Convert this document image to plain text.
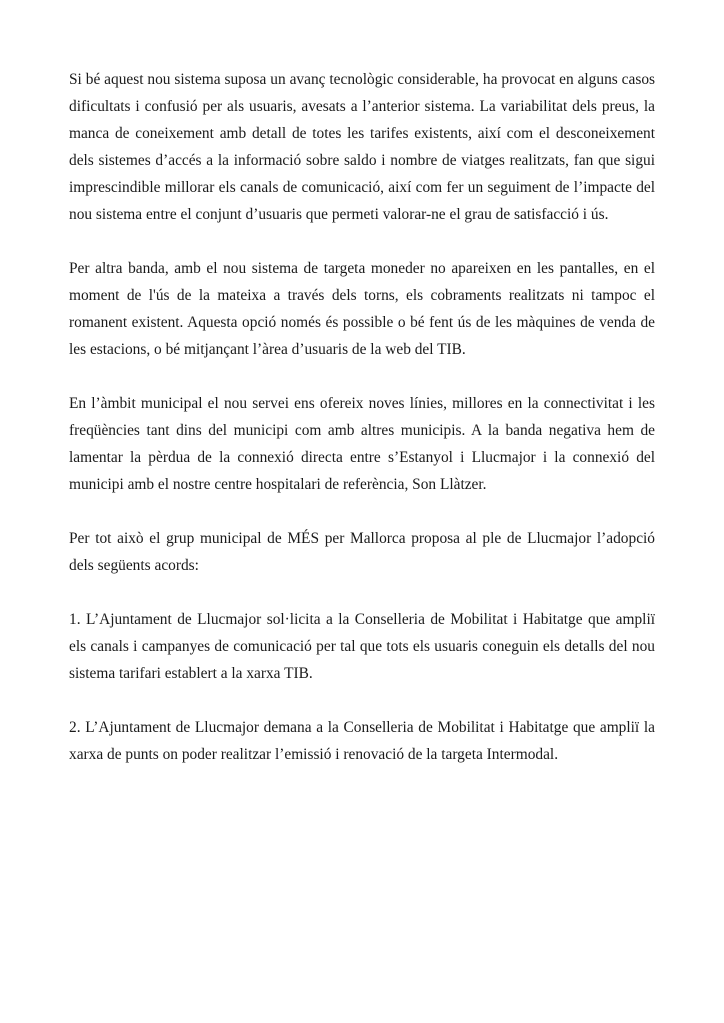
Si bé aquest nou sistema suposa un avanç tecnològic considerable, ha provocat en alguns casos dificultats i confusió per als usuaris, avesats a l’anterior sistema. La variabilitat dels preus, la manca de coneixement amb detall de totes les tarifes existents, així com el desconeixement dels sistemes d’accés a la informació sobre saldo i nombre de viatges realitzats, fan que sigui imprescindible millorar els canals de comunicació, així com fer un seguiment de l’impacte del nou sistema entre el conjunt d’usuaris que permeti valorar-ne el grau de satisfacció i ús.

Per altra banda, amb el nou sistema de targeta moneder no apareixen en les pantalles, en el moment de l'ús de la mateixa a través dels torns, els cobraments realitzats ni tampoc el romanent existent. Aquesta opció només és possible o bé fent ús de les màquines de venda de les estacions, o bé mitjançant l’àrea d’usuaris de la web del TIB.

En l’àmbit municipal el nou servei ens ofereix noves línies, millores en la connectivitat i les freqüències tant dins del municipi com amb altres municipis. A la banda negativa hem de lamentar la pèrdua de la connexió directa entre s’Estanyol i Llucmajor i la connexió del municipi amb el nostre centre hospitalari de referència, Son Llàtzer.

Per tot això el grup municipal de MÉS per Mallorca proposa al ple de Llucmajor l’adopció dels següents acords:

1. L’Ajuntament de Llucmajor sol·licita a la Conselleria de Mobilitat i Habitatge que ampliï els canals i campanyes de comunicació per tal que tots els usuaris coneguin els detalls del nou sistema tarifari establert a la xarxa TIB.

2. L’Ajuntament de Llucmajor demana a la Conselleria de Mobilitat i Habitatge que ampliï la xarxa de punts on poder realitzar l’emissió i renovació de la targeta Intermodal.
